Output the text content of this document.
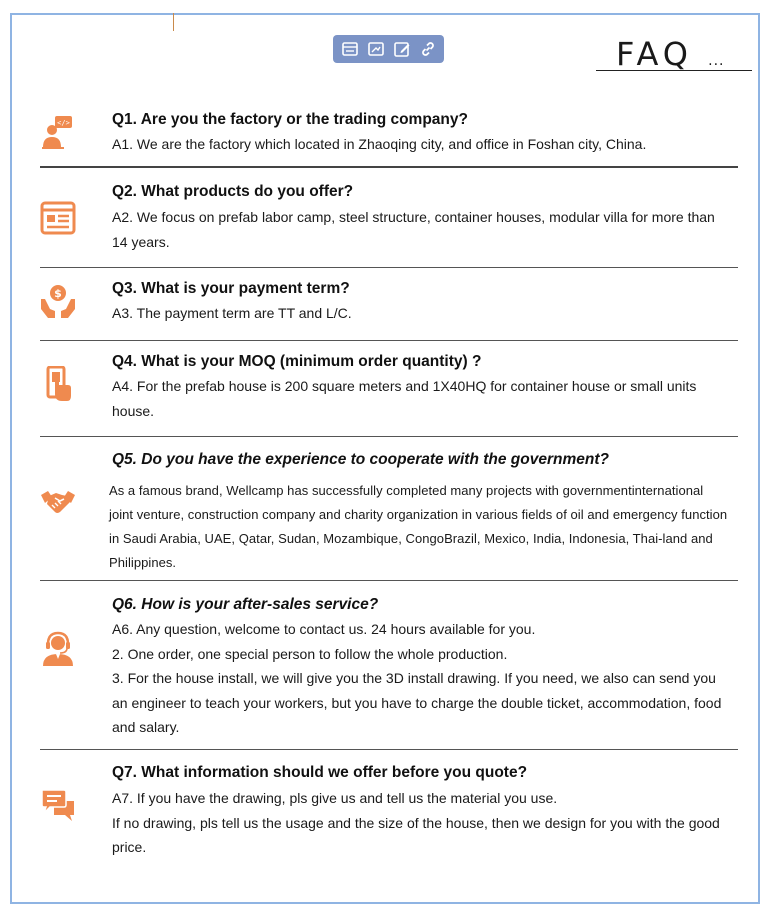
FAQ ...
</>	Q1. Are you the factory or the trading company?

A1. We are the factory which located in Zhaoqing city, and office in Foshan city, China.

Q2. What products do you offer?

A2. We focus on prefab labor camp, steel structure, container houses, modular villa for more than 14 years.

$	Q3. What is your payment term?

A3. The payment term are TT and L/C.

Q4. What is your MOQ (minimum order quantity) ?

A4. For the prefab house is 200 square meters and 1X40HQ for container house or small units house.

Q5. Do you have the experience to cooperate with the government?

As a famous brand, Wellcamp has successfully completed many projects with governmentinternational joint venture, construction company and charity organization in various fields of oil and emergency function in Saudi Arabia, UAE, Qatar, Sudan, Mozambique, CongoBrazil, Mexico, India, Indonesia, Thai-land and Philippines.

Q6. How is your after-sales service?

A6. Any question, welcome to contact us. 24 hours available for you.

2. One order, one special person to follow the whole production.

3. For the house install, we will give you the 3D install drawing. If you need, we also can send you an engineer to teach your workers, but you have to charge the double ticket, accommodation, food and salary.

Q7. What information should we offer before you quote?

A7. If you have the drawing, pls give us and tell us the material you use.

If no drawing, pls tell us the usage and the size of the house, then we design for you with the good price.
